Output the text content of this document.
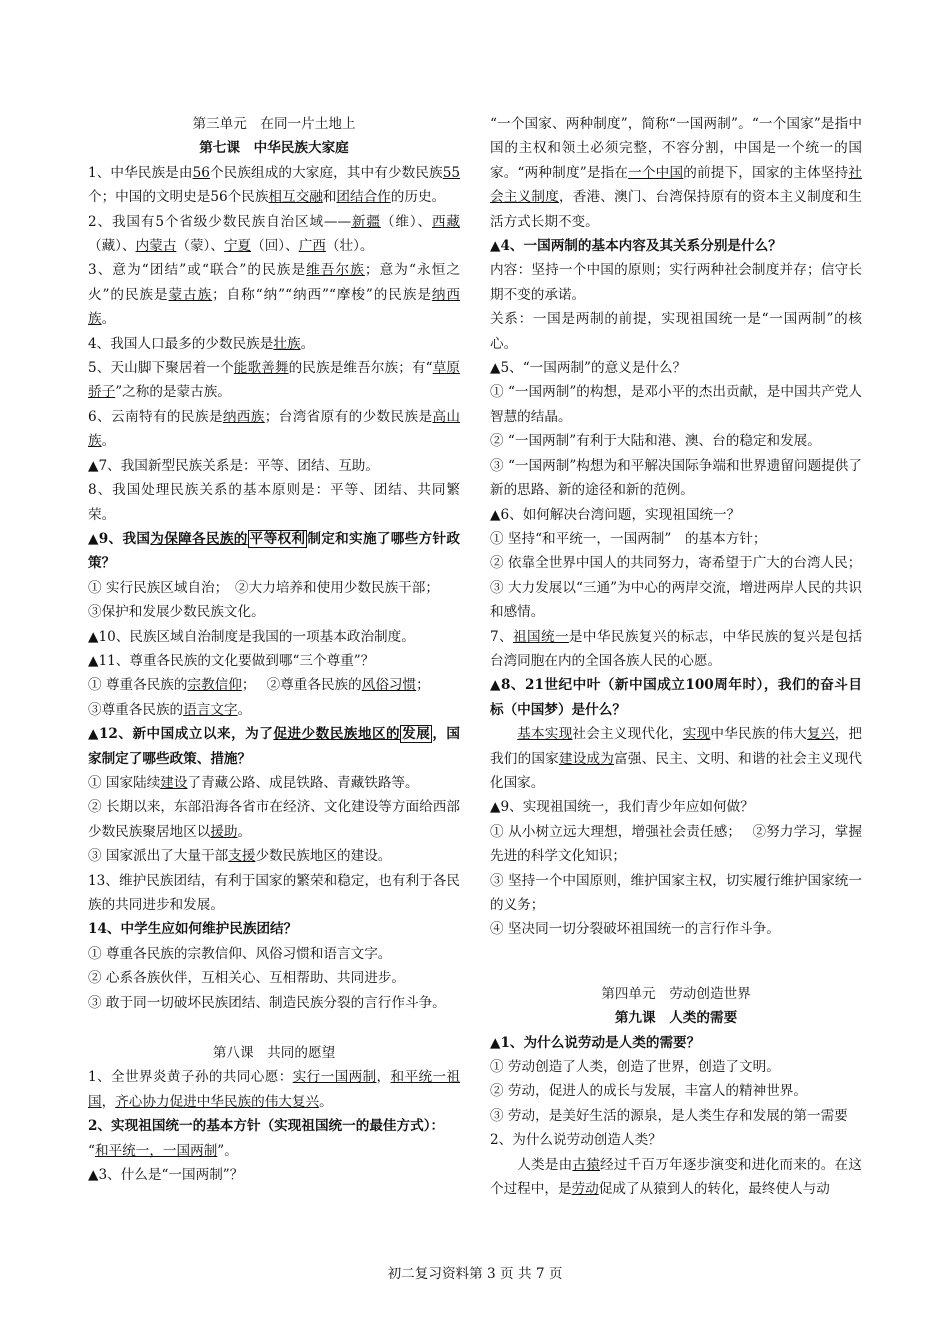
第三单元　在同一片土地上

第七课　中华民族大家庭

1、中华民族是由56个民族组成的大家庭，其中有少数民族55个；中国的文明史是56个民族相互交融和团结合作的历史。

2、我国有5个省级少数民族自治区域——新疆（维）、西藏（藏）、内蒙古（蒙）、宁夏（回）、广西（壮）。

3、意为“团结”或“联合”的民族是维吾尔族；意为“永恒之火”的民族是蒙古族；自称“纳”“纳西”“摩梭”的民族是纳西族。

4、我国人口最多的少数民族是壮族。

5、天山脚下聚居着一个能歌善舞的民族是维吾尔族；有“草原骄子”之称的是蒙古族。

6、云南特有的民族是纳西族；台湾省原有的少数民族是高山族。

▲7、我国新型民族关系是：平等、团结、互助。

8、我国处理民族关系的基本原则是：平等、团结、共同繁荣。

▲9、我国为保障各民族的 平等权利 制定和实施了哪些方针政策？

① 实行民族区域自治；　②大力培养和使用少数民族干部；

③保护和发展少数民族文化。

▲10、民族区域自治制度是我国的一项基本政治制度。

▲11、尊重各民族的文化要做到哪“三个尊重”？

① 尊重各民族的宗教信仰；　 ②尊重各民族的风俗习惯；

③尊重各民族的语言文字。

▲12、新中国成立以来，为了促进少数民族地区的 发展 ，国家制定了哪些政策、措施？

① 国家陆续建设了青藏公路、成昆铁路、青藏铁路等。

② 长期以来，东部沿海各省市在经济、文化建设等方面给西部少数民族聚居地区以援助。

③ 国家派出了大量干部支援少数民族地区的建设。

13、维护民族团结，有利于国家的繁荣和稳定，也有利于各民族的共同进步和发展。

14、中学生应如何维护民族团结？

① 尊重各民族的宗教信仰、风俗习惯和语言文字。

② 心系各族伙伴，互相关心、互相帮助、共同进步。

③ 敢于同一切破坏民族团结、制造民族分裂的言行作斗争。

第八课　共同的愿望

1、全世界炎黄子孙的共同心愿：实行一国两制，和平统一祖国，齐心协力促进中华民族的伟大复兴。

2、实现祖国统一的基本方针（实现祖国统一的最佳方式）：

“和平统一，一国两制”。

▲3、什么是“一国两制”？

“一个国家、两种制度”，简称“一国两制”。“一个国家”是指中国的主权和领土必须完整，不容分割，中国是一个统一的国家。“两种制度”是指在一个中国的前提下，国家的主体坚持社会主义制度，香港、澳门、台湾保持原有的资本主义制度和生活方式长期不变。

▲4、一国两制的基本内容及其关系分别是什么？

内容：坚持一个中国的原则；实行两种社会制度并存；信守长期不变的承诺。

关系：一国是两制的前提，实现祖国统一是“一国两制”的核心。

▲5、“一国两制”的意义是什么？

① “一国两制”的构想，是邓小平的杰出贡献，是中国共产党人智慧的结晶。

② “一国两制”有利于大陆和港、澳、台的稳定和发展。

③ “一国两制”构想为和平解决国际争端和世界遗留问题提供了新的思路、新的途径和新的范例。

▲6、如何解决台湾问题，实现祖国统一？

① 坚持“和平统一，一国两制”　的基本方针；

② 依靠全世界中国人的共同努力，寄希望于广大的台湾人民；

③ 大力发展以“三通”为中心的两岸交流，增进两岸人民的共识和感情。

7、祖国统一是中华民族复兴的标志，中华民族的复兴是包括台湾同胞在内的全国各族人民的心愿。

▲8、21世纪中叶（新中国成立100周年时），我们的奋斗目标（中国梦）是什么？

基本实现社会主义现代化，实现中华民族的伟大复兴，把我们的国家建设成为富强、民主、文明、和谐的社会主义现代化国家。

▲9、实现祖国统一，我们青少年应如何做？

① 从小树立远大理想，增强社会责任感；　 ②努力学习，掌握先进的科学文化知识；

③ 坚持一个中国原则，维护国家主权，切实履行维护国家统一的义务；

④ 坚决同一切分裂破坏祖国统一的言行作斗争。

第四单元　劳动创造世界

第九课　人类的需要

▲1、为什么说劳动是人类的需要？

① 劳动创造了人类，创造了世界，创造了文明。

② 劳动，促进人的成长与发展，丰富人的精神世界。

③ 劳动，是美好生活的源泉，是人类生存和发展的第一需要

2、为什么说劳动创造人类？

人类是由古猿经过千百万年逐步演变和进化而来的。在这个过程中，是劳动促成了从猿到人的转化，最终使人与动

初二复习资料第 3 页 共 7 页
